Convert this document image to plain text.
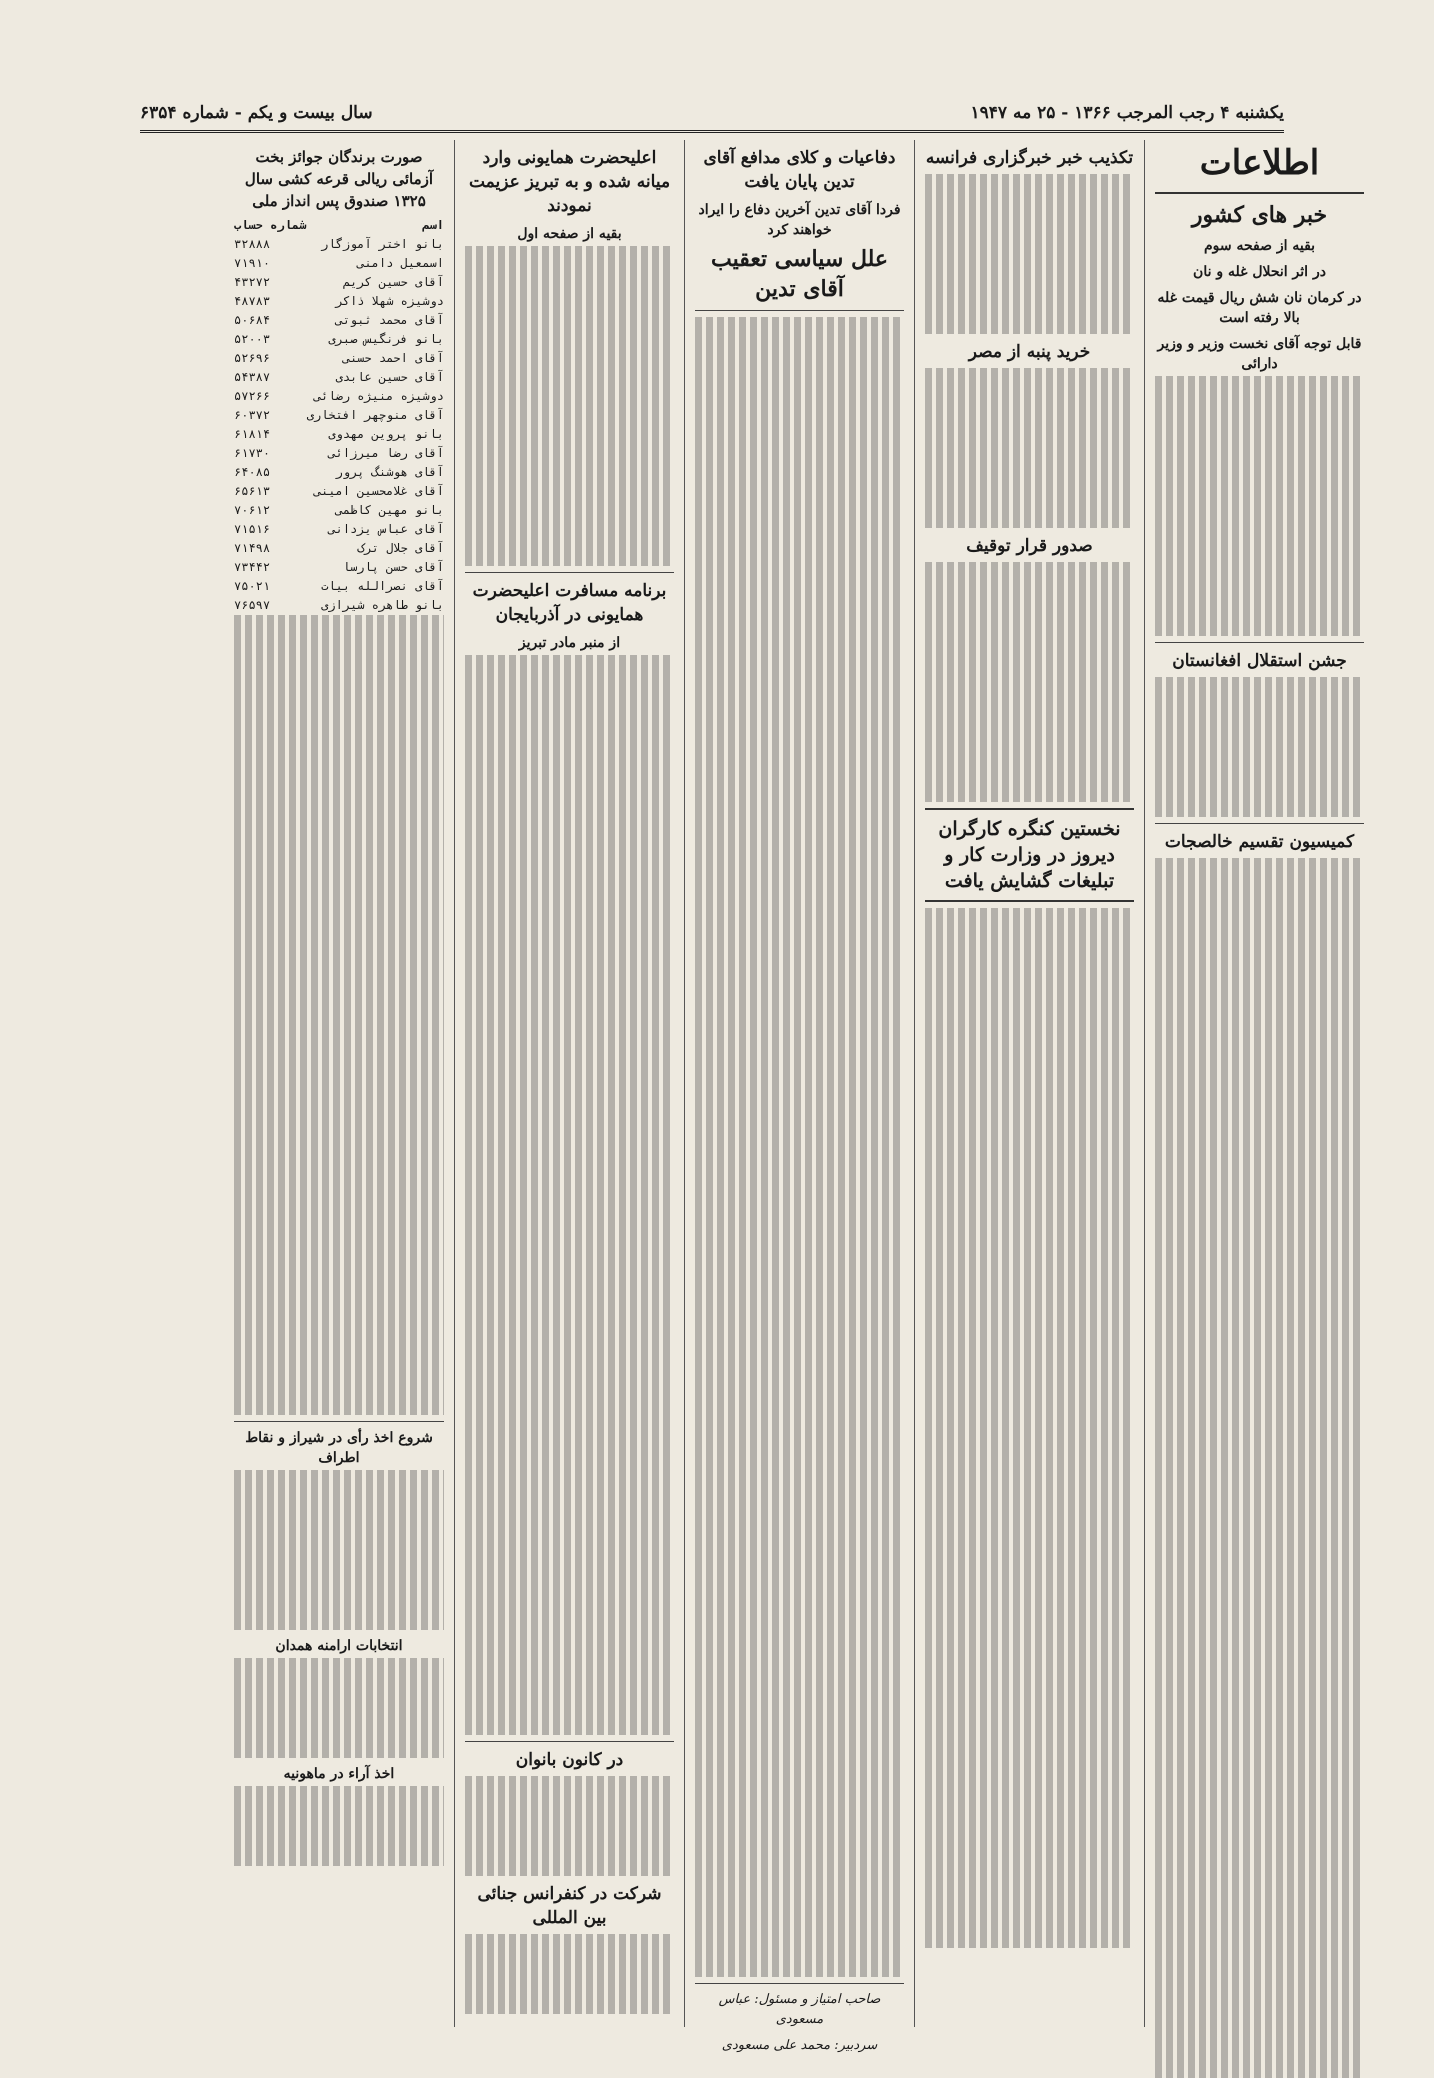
یکشنبه ۴ رجب المرجب ۱۳۶۶ - ۲۵ مه ۱۹۴۷
سال بیست و یکم - شماره ۶۳۵۴
اطلاعات
خبر های کشور
بقیه از صفحه سوم
در اثر انحلال غله و نان
در کرمان نان شش ریال قیمت غله بالا رفته است
قابل توجه آقای نخست وزیر و وزیر دارائی
جشن استقلال افغانستان
کمیسیون تقسیم خالصجات
تکذیب خبر خبرگزاری فرانسه
خرید پنبه از مصر
صدور قرار توقیف
نخستین کنگره کارگران دیروز در وزارت کار و تبلیغات گشایش یافت
دفاعیات و کلای مدافع آقای تدین پایان یافت
فردا آقای تدین آخرین دفاع را ایراد خواهند کرد
علل سیاسی تعقیب آقای تدین
صاحب امتیاز و مسئول: عباس مسعودی
سردبیر: محمد علی مسعودی
اعلیحضرت همایونی وارد میانه شده و به تبریز عزیمت نمودند
بقیه از صفحه اول
برنامه مسافرت اعلیحضرت همایونی در آذربایجان
از منبر مادر تبریز
در کانون بانوان
شرکت در کنفرانس جنائی بین المللی
صورت برندگان جوائز بخت آزمائی ریالی قرعه کشی سال ۱۳۲۵ صندوق پس انداز ملی
اسم
شماره حساب
بانو اختر آموزگار
۳۲۸۸۸
اسمعیل دامنی
۷۱۹۱۰
آقای حسین کریم
۴۳۲۷۲
دوشیزه شهلا ذاکر
۴۸۷۸۳
آقای محمد ثبوتی
۵۰۶۸۴
بانو فرنگیس صبری
۵۲۰۰۳
آقای احمد حسنی
۵۲۶۹۶
آقای حسین عابدی
۵۴۳۸۷
دوشیزه منیژه رضائی
۵۷۲۶۶
آقای منوچهر افتخاری
۶۰۳۷۲
بانو پروین مهدوی
۶۱۸۱۴
آقای رضا میرزائی
۶۱۷۳۰
آقای هوشنگ پرور
۶۴۰۸۵
آقای غلامحسین امینی
۶۵۶۱۳
بانو مهین کاظمی
۷۰۶۱۲
آقای عباس یزدانی
۷۱۵۱۶
آقای جلال ترک
۷۱۴۹۸
آقای حسن پارسا
۷۳۴۴۲
آقای نصرالله بیات
۷۵۰۲۱
بانو طاهره شیرازی
۷۶۵۹۷
شروع اخذ رأی در شیراز و نقاط اطراف
انتخابات ارامنه همدان
اخذ آراء در ماهونیه
